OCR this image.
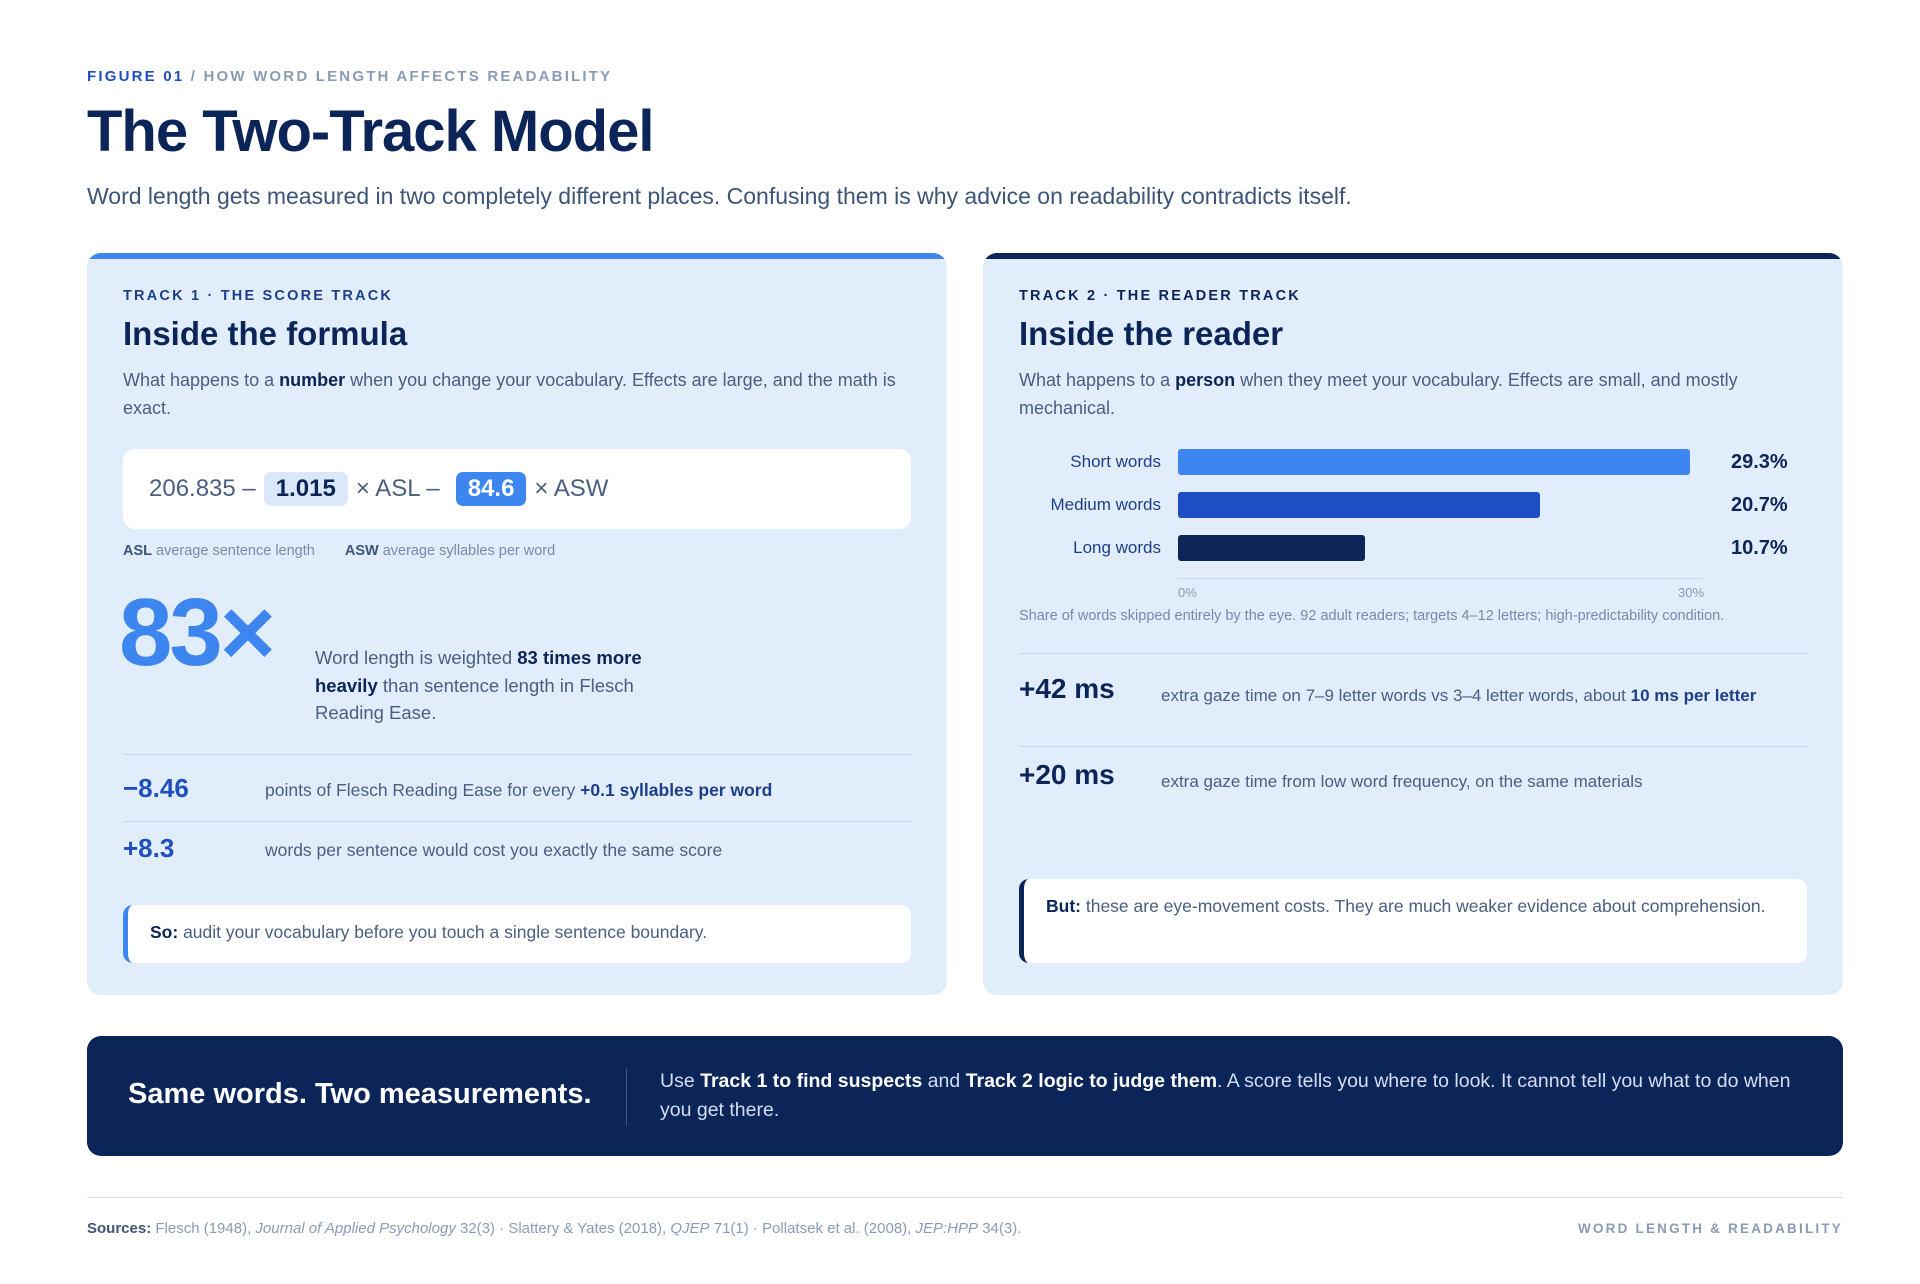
FIGURE 01 / HOW WORD LENGTH AFFECTS READABILITY
The Two-Track Model
Word length gets measured in two completely different places. Confusing them is why advice on readability contradicts itself.
TRACK 1 · THE SCORE TRACK
Inside the formula
What happens to a number when you change your vocabulary. Effects are large, and the math is exact.
206.835 – 1.015 × ASL –	84.6 × ASW
ASL average sentence length ASW average syllables per word
83× Word length is weighted 83 times more heavily than sentence length in Flesch Reading Ease.
−8.46	points of Flesch Reading Ease for every +0.1 syllables per word
+8.3	words per sentence would cost you exactly the same score
So: audit your vocabulary before you touch a single sentence boundary.
TRACK 2 · THE READER TRACK
Inside the reader
What happens to a person when they meet your vocabulary. Effects are small, and mostly mechanical.
0%	30%
Short words	29.3%
Medium words	20.7%
Long words	10.7%
Share of words skipped entirely by the eye. 92 adult readers; targets 4–12 letters; high-predictability condition.
+42 ms	extra gaze time on 7–9 letter words vs 3–4 letter words, about 10 ms per letter
+20 ms	extra gaze time from low word frequency, on the same materials
But: these are eye-movement costs. They are much weaker evidence about comprehension.
Same words. Two measurements.	Use Track 1 to find suspects and Track 2 logic to judge them. A score tells you where to look. It cannot tell you what to do when you get there.
Sources: Flesch (1948), Journal of Applied Psychology 32(3) · Slattery & Yates (2018), QJEP 71(1) · Pollatsek et al. (2008), JEP:HPP 34(3).	WORD LENGTH & READABILITY
